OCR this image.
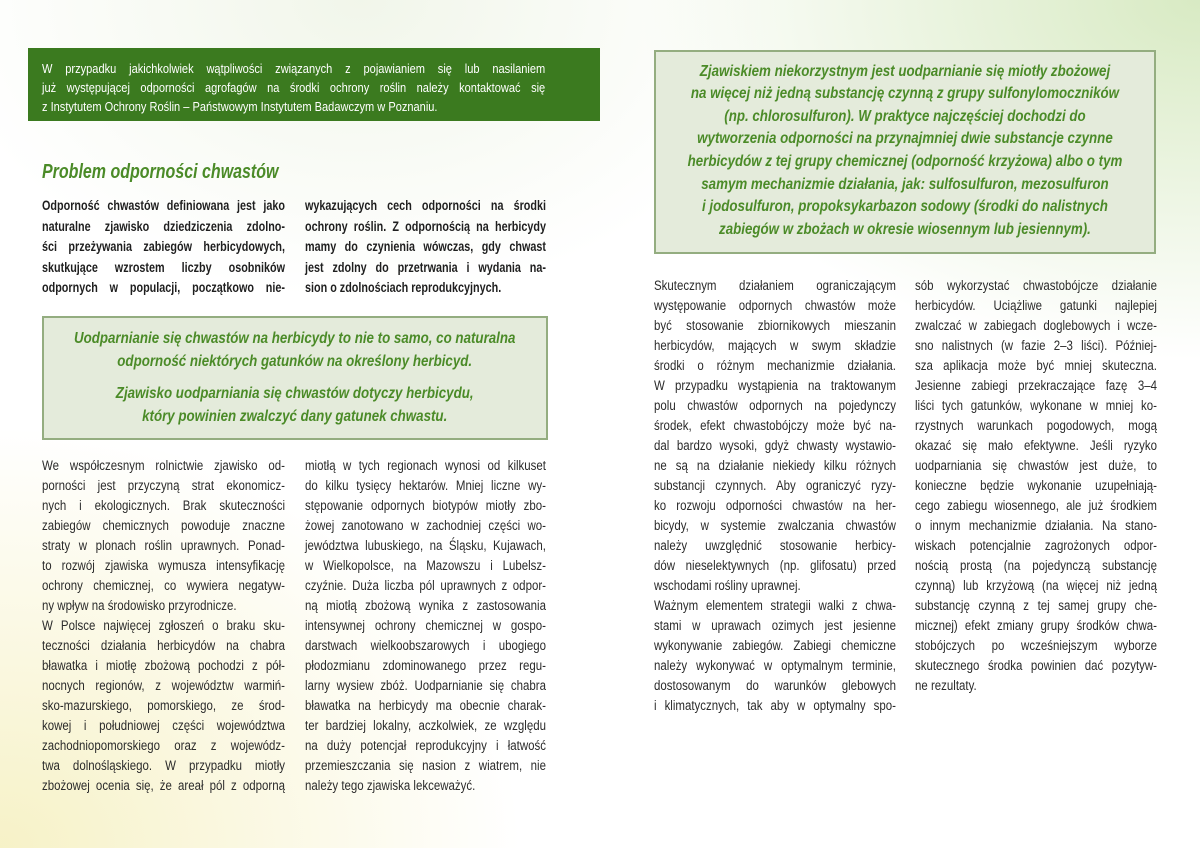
W przypadku jakichkolwiek wątpliwości związanych z pojawianiem się lub nasilaniem
już występującej odporności agrofagów na środki ochrony roślin należy kontaktować się
z Instytutem Ochrony Roślin – Państwowym Instytutem Badawczym w Poznaniu.
Problem odporności chwastów
Odporność chwastów definiowana jest jako
naturalne zjawisko dziedziczenia zdolno-
ści przeżywania zabiegów herbicydowych,
skutkujące wzrostem liczby osobników
odpornych w populacji, początkowo nie-
wykazujących cech odporności na środki
ochrony roślin. Z odpornością na herbicydy
mamy do czynienia wówczas, gdy chwast
jest zdolny do przetrwania i wydania na-
sion o zdolnościach reprodukcyjnych.
Uodparnianie się chwastów na herbicydy to nie to samo, co naturalna
odporność niektórych gatunków na określony herbicyd.
Zjawisko uodparniania się chwastów dotyczy herbicydu,
który powinien zwalczyć dany gatunek chwastu.
We współczesnym rolnictwie zjawisko od-
porności jest przyczyną strat ekonomicz-
nych i ekologicznych. Brak skuteczności
zabiegów chemicznych powoduje znaczne
straty w plonach roślin uprawnych. Ponad-
to rozwój zjawiska wymusza intensyfikację
ochrony chemicznej, co wywiera negatyw-
ny wpływ na środowisko przyrodnicze.
W Polsce najwięcej zgłoszeń o braku sku-
teczności działania herbicydów na chabra
bławatka i miotłę zbożową pochodzi z pół-
nocnych regionów, z województw warmiń-
sko-mazurskiego, pomorskiego, ze środ-
kowej i południowej części województwa
zachodniopomorskiego oraz z wojewódz-
twa dolnośląskiego. W przypadku miotły
zbożowej ocenia się, że areał pól z odporną
miotłą w tych regionach wynosi od kilkuset
do kilku tysięcy hektarów. Mniej liczne wy-
stępowanie odpornych biotypów miotły zbo-
żowej zanotowano w zachodniej części wo-
jewództwa lubuskiego, na Śląsku, Kujawach,
w Wielkopolsce, na Mazowszu i Lubelsz-
czyźnie. Duża liczba pól uprawnych z odpor-
ną miotłą zbożową wynika z zastosowania
intensywnej ochrony chemicznej w gospo-
darstwach wielkoobszarowych i ubogiego
płodozmianu zdominowanego przez regu-
larny wysiew zbóż. Uodparnianie się chabra
bławatka na herbicydy ma obecnie charak-
ter bardziej lokalny, aczkolwiek, ze względu
na duży potencjał reprodukcyjny i łatwość
przemieszczania się nasion z wiatrem, nie
należy tego zjawiska lekceważyć.
Zjawiskiem niekorzystnym jest uodparnianie się miotły zbożowej
na więcej niż jedną substancję czynną z grupy sulfonylomoczników
(np. chlorosulfuron). W praktyce najczęściej dochodzi do
wytworzenia odporności na przynajmniej dwie substancje czynne
herbicydów z tej grupy chemicznej (odporność krzyżowa) albo o tym
samym mechanizmie działania, jak: sulfosulfuron, mezosulfuron
i jodosulfuron, propoksykarbazon sodowy (środki do nalistnych
zabiegów w zbożach w okresie wiosennym lub jesiennym).
Skutecznym działaniem ograniczającym
występowanie odpornych chwastów może
być stosowanie zbiornikowych mieszanin
herbicydów, mających w swym składzie
środki o różnym mechanizmie działania.
W przypadku wystąpienia na traktowanym
polu chwastów odpornych na pojedynczy
środek, efekt chwastobójczy może być na-
dal bardzo wysoki, gdyż chwasty wystawio-
ne są na działanie niekiedy kilku różnych
substancji czynnych. Aby ograniczyć ryzy-
ko rozwoju odporności chwastów na her-
bicydy, w systemie zwalczania chwastów
należy uwzględnić stosowanie herbicy-
dów nieselektywnych (np. glifosatu) przed
wschodami rośliny uprawnej.
Ważnym elementem strategii walki z chwa-
stami w uprawach ozimych jest jesienne
wykonywanie zabiegów. Zabiegi chemiczne
należy wykonywać w optymalnym terminie,
dostosowanym do warunków glebowych
i klimatycznych, tak aby w optymalny spo-
sób wykorzystać chwastobójcze działanie
herbicydów. Uciążliwe gatunki najlepiej
zwalczać w zabiegach doglebowych i wcze-
sno nalistnych (w fazie 2–3 liści). Później-
sza aplikacja może być mniej skuteczna.
Jesienne zabiegi przekraczające fazę 3–4
liści tych gatunków, wykonane w mniej ko-
rzystnych warunkach pogodowych, mogą
okazać się mało efektywne. Jeśli ryzyko
uodparniania się chwastów jest duże, to
konieczne będzie wykonanie uzupełniają-
cego zabiegu wiosennego, ale już środkiem
o innym mechanizmie działania. Na stano-
wiskach potencjalnie zagrożonych odpor-
nością prostą (na pojedynczą substancję
czynną) lub krzyżową (na więcej niż jedną
substancję czynną z tej samej grupy che-
micznej) efekt zmiany grupy środków chwa-
stobójczych po wcześniejszym wyborze
skutecznego środka powinien dać pozytyw-
ne rezultaty.
